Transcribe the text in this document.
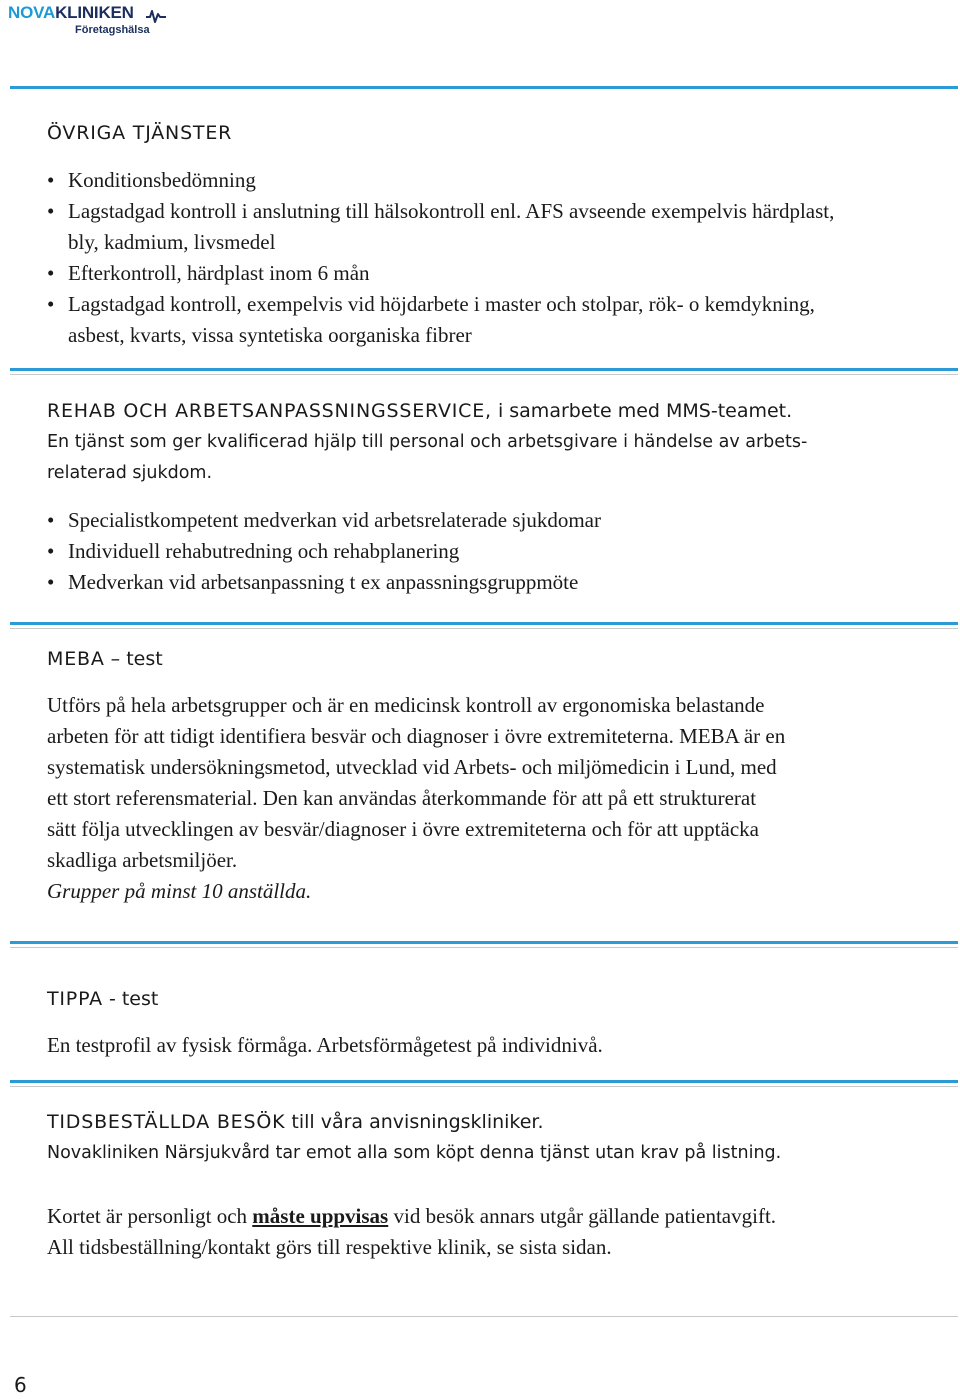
NOVAKLINIKEN
Företagshälsa
ÖVRIGA TJÄNSTER
• Konditionsbedömning
• Lagstadgad kontroll i anslutning till hälsokontroll enl. AFS avseende exempelvis härdplast,
bly, kadmium, livsmedel
• Efterkontroll, härdplast inom 6 mån
• Lagstadgad kontroll, exempelvis vid höjdarbete i master och stolpar, rök- o kemdykning,
asbest, kvarts, vissa syntetiska oorganiska fibrer
REHAB OCH ARBETSANPASSNINGSSERVICE, i samarbete med MMS-teamet.
En tjänst som ger kvalificerad hjälp till personal och arbetsgivare i händelse av arbets-
relaterad sjukdom.
• Specialistkompetent medverkan vid arbetsrelaterade sjukdomar
• Individuell rehabutredning och rehabplanering
• Medverkan vid arbetsanpassning t ex anpassningsgruppmöte
MEBA – test
Utförs på hela arbetsgrupper och är en medicinsk kontroll av ergonomiska belastande
arbeten för att tidigt identifiera besvär och diagnoser i övre extremiteterna. MEBA är en
systematisk undersökningsmetod, utvecklad vid Arbets- och miljömedicin i Lund, med
ett stort referensmaterial. Den kan användas återkommande för att på ett strukturerat
sätt följa utvecklingen av besvär/diagnoser i övre extremiteterna och för att upptäcka
skadliga arbetsmiljöer.
Grupper på minst 10 anställda.
TIPPA - test
En testprofil av fysisk förmåga. Arbetsförmågetest på individnivå.
TIDSBESTÄLLDA BESÖK till våra anvisningskliniker.
Novakliniken Närsjukvård tar emot alla som köpt denna tjänst utan krav på listning.
Kortet är personligt och måste uppvisas vid besök annars utgår gällande patientavgift.
All tidsbeställning/kontakt görs till respektive klinik, se sista sidan.
6
